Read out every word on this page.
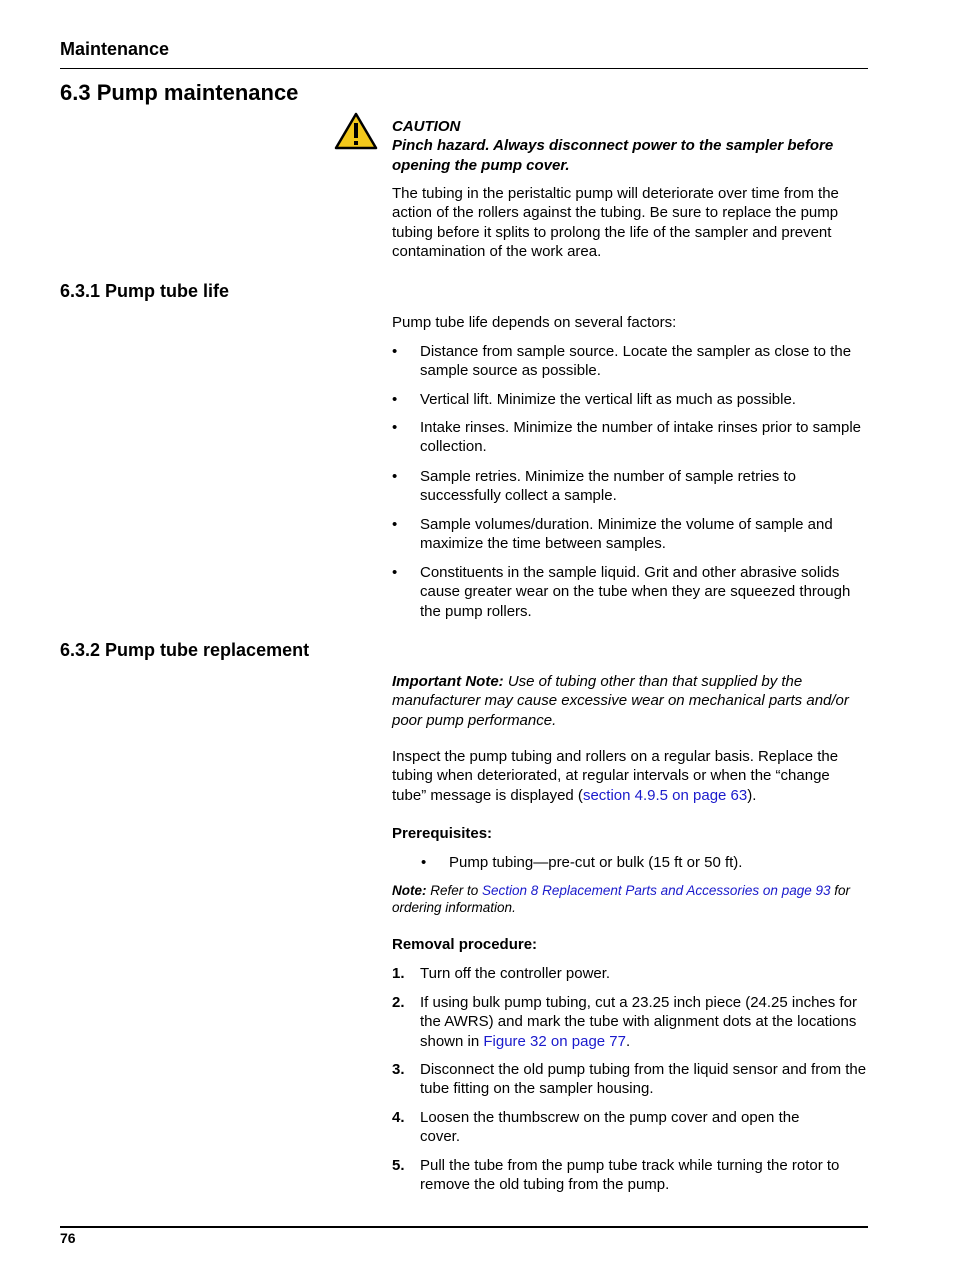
Maintenance
6.3 Pump maintenance
CAUTION
Pinch hazard. Always disconnect power to the sampler before opening the pump cover.
The tubing in the peristaltic pump will deteriorate over time from the action of the rollers against the tubing. Be sure to replace the pump tubing before it splits to prolong the life of the sampler and prevent contamination of the work area.
6.3.1 Pump tube life
Pump tube life depends on several factors:
• Distance from sample source. Locate the sampler as close to the sample source as possible.
• Vertical lift. Minimize the vertical lift as much as possible.
• Intake rinses. Minimize the number of intake rinses prior to sample collection.
• Sample retries. Minimize the number of sample retries to successfully collect a sample.
• Sample volumes/duration. Minimize the volume of sample and maximize the time between samples.
• Constituents in the sample liquid. Grit and other abrasive solids cause greater wear on the tube when they are squeezed through the pump rollers.
6.3.2 Pump tube replacement
Important Note: Use of tubing other than that supplied by the manufacturer may cause excessive wear on mechanical parts and/or poor pump performance.
Inspect the pump tubing and rollers on a regular basis. Replace the tubing when deteriorated, at regular intervals or when the “change tube” message is displayed (section 4.9.5 on page 63).
Prerequisites:
• Pump tubing—pre-cut or bulk (15 ft or 50 ft).
Note: Refer to Section 8 Replacement Parts and Accessories on page 93 for ordering information.
Removal procedure:
1. Turn off the controller power.
2. If using bulk pump tubing, cut a 23.25 inch piece (24.25 inches for the AWRS) and mark the tube with alignment dots at the locations shown in Figure 32 on page 77.
3. Disconnect the old pump tubing from the liquid sensor and from the tube fitting on the sampler housing.
4. Loosen the thumbscrew on the pump cover and open the cover.
5. Pull the tube from the pump tube track while turning the rotor to remove the old tubing from the pump.
76
